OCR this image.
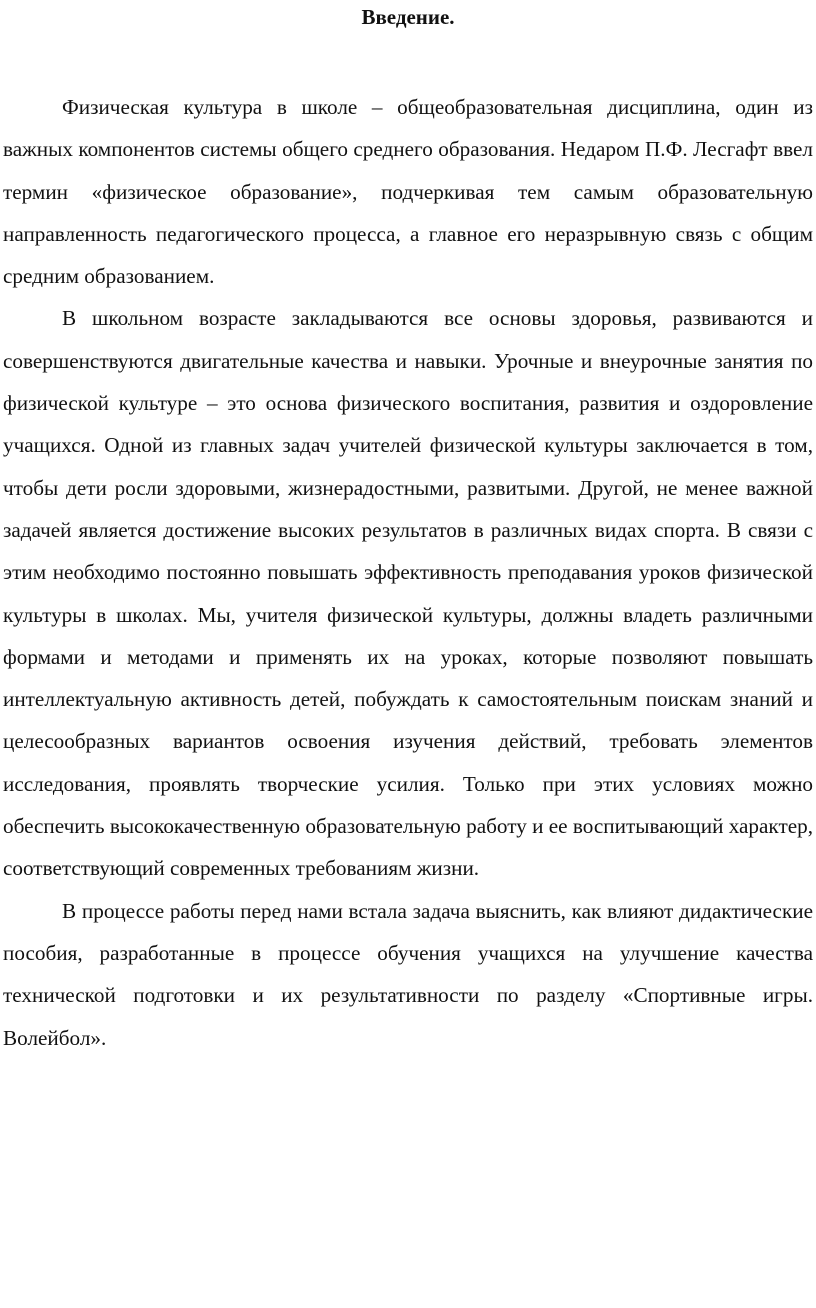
Введение.

Физическая культура в школе – общеобразовательная дисциплина, один из важных компонентов системы общего среднего образования. Недаром П.Ф. Лесгафт ввел термин «физическое образование», подчеркивая тем самым образовательную направленность педагогического процесса, а главное его неразрывную связь с общим средним образованием.

В школьном возрасте закладываются все основы здоровья, развиваются и совершенствуются двигательные качества и навыки. Урочные и внеурочные занятия по физической культуре – это основа физического воспитания, развития и оздоровление учащихся. Одной из главных задач учителей физической культуры заключается в том, чтобы дети росли здоровыми, жизнерадостными, развитыми. Другой, не менее важной задачей является достижение высоких результатов в различных видах спорта. В связи с этим необходимо постоянно повышать эффективность преподавания уроков физической культуры в школах. Мы, учителя физической культуры, должны владеть различными формами и методами и применять их на уроках, которые позволяют повышать интеллектуальную активность детей, побуждать к самостоятельным поискам знаний и целесообразных вариантов освоения изучения действий, требовать элементов исследования, проявлять творческие усилия. Только при этих условиях можно обеспечить высококачественную образовательную работу и ее воспитывающий характер, соответствующий современных требованиям жизни.

В процессе работы перед нами встала задача выяснить, как влияют дидактические пособия, разработанные в процессе обучения учащихся на улучшение качества технической подготовки и их результативности по разделу «Спортивные игры. Волейбол».
